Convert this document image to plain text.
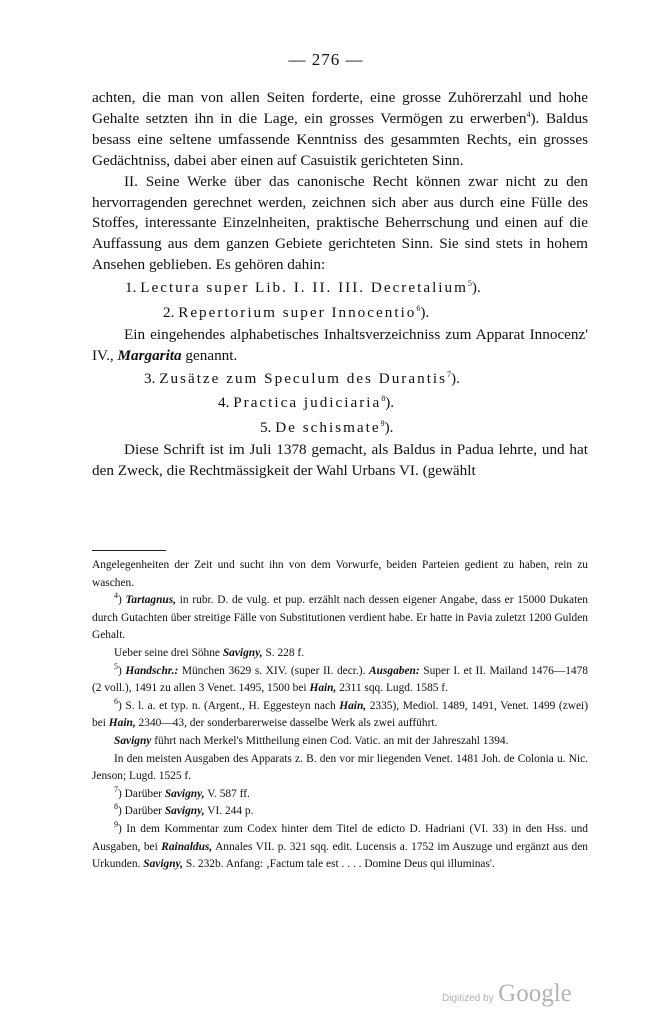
— 276 —

achten, die man von allen Seiten forderte, eine grosse Zuhörerzahl und hohe Gehalte setzten ihn in die Lage, ein grosses Vermögen zu erwerben$^4$). Baldus besass eine seltene umfassende Kenntniss des gesammten Rechts, ein grosses Gedächtniss, dabei aber einen auf Casuistik gerichteten Sinn.

II. Seine Werke über das canonische Recht können zwar nicht zu den hervorragenden gerechnet werden, zeichnen sich aber aus durch eine Fülle des Stoffes, interessante Einzelnheiten, praktische Beherrschung und einen auf die Auffassung aus dem ganzen Gebiete gerichteten Sinn. Sie sind stets in hohem Ansehen geblieben. Es gehören dahin:

1. Lectura super Lib. I. II. III. Decretalium$^5$).

2. Repertorium super Innocentio$^6$).

Ein eingehendes alphabetisches Inhaltsverzeichniss zum Apparat Innocenz' IV., Margarita genannt.

3. Zusätze zum Speculum des Durantis$^7$).

4. Practica judiciaria$^8$).

5. De schismate$^9$).

Diese Schrift ist im Juli 1378 gemacht, als Baldus in Padua lehrte, und hat den Zweck, die Rechtmässigkeit der Wahl Urbans VI. (gewählt

Angelegenheiten der Zeit und sucht ihn von dem Vorwurfe, beiden Parteien gedient zu haben, rein zu waschen.

$^4$) Tartagnus, in rubr. D. de vulg. et pup. erzählt nach dessen eigener Angabe, dass er 15000 Dukaten durch Gutachten über streitige Fälle von Substitutionen verdient habe. Er hatte in Pavia zuletzt 1200 Gulden Gehalt.

Ueber seine drei Söhne Savigny, S. 228 f.

$^5$) Handschr.: München 3629 s. XIV. (super II. decr.). Ausgaben: Super I. et II. Mailand 1476—1478 (2 voll.), 1491 zu allen 3 Venet. 1495, 1500 bei Hain, 2311 sqq. Lugd. 1585 f.

$^6$) S. l. a. et typ. n. (Argent., H. Eggesteyn nach Hain, 2335), Mediol. 1489, 1491, Venet. 1499 (zwei) bei Hain, 2340—43, der sonderbarerweise dasselbe Werk als zwei aufführt.

Savigny führt nach Merkel's Mittheilung einen Cod. Vatic. an mit der Jahreszahl 1394.

In den meisten Ausgaben des Apparats z. B. den vor mir liegenden Venet. 1481 Joh. de Colonia u. Nic. Jenson; Lugd. 1525 f.

$^7$) Darüber Savigny, V. 587 ff.

$^8$) Darüber Savigny, VI. 244 p.

$^9$) In dem Kommentar zum Codex hinter dem Titel de edicto D. Hadriani (VI. 33) in den Hss. und Ausgaben, bei Rainaldus, Annales VII. p. 321 sqq. edit. Lucensis a. 1752 im Auszuge und ergänzt aus den Urkunden. Savigny, S. 232b. Anfang: ‚Factum tale est . . . . Domine Deus qui illuminas'.

Digitized by Google
